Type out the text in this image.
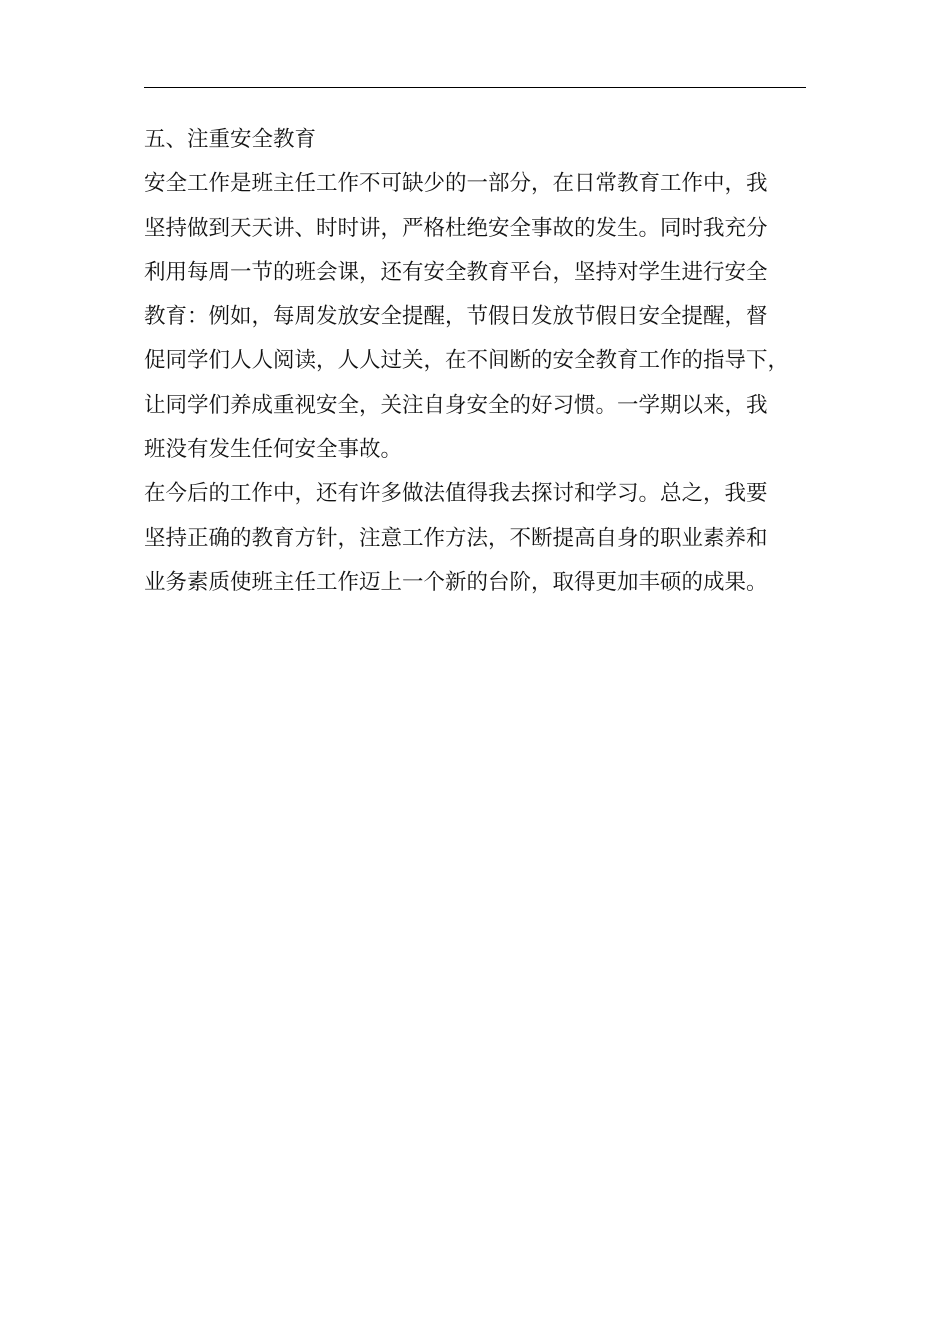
五、注重安全教育
安全工作是班主任工作不可缺少的一部分，在日常教育工作中，我
坚持做到天天讲、时时讲，严格杜绝安全事故的发生。同时我充分
利用每周一节的班会课，还有安全教育平台，坚持对学生进行安全
教育：例如，每周发放安全提醒，节假日发放节假日安全提醒，督
促同学们人人阅读，人人过关，在不间断的安全教育工作的指导下，
让同学们养成重视安全，关注自身安全的好习惯。一学期以来，我
班没有发生任何安全事故。
在今后的工作中，还有许多做法值得我去探讨和学习。总之，我要
坚持正确的教育方针，注意工作方法，不断提高自身的职业素养和
业务素质使班主任工作迈上一个新的台阶，取得更加丰硕的成果。
